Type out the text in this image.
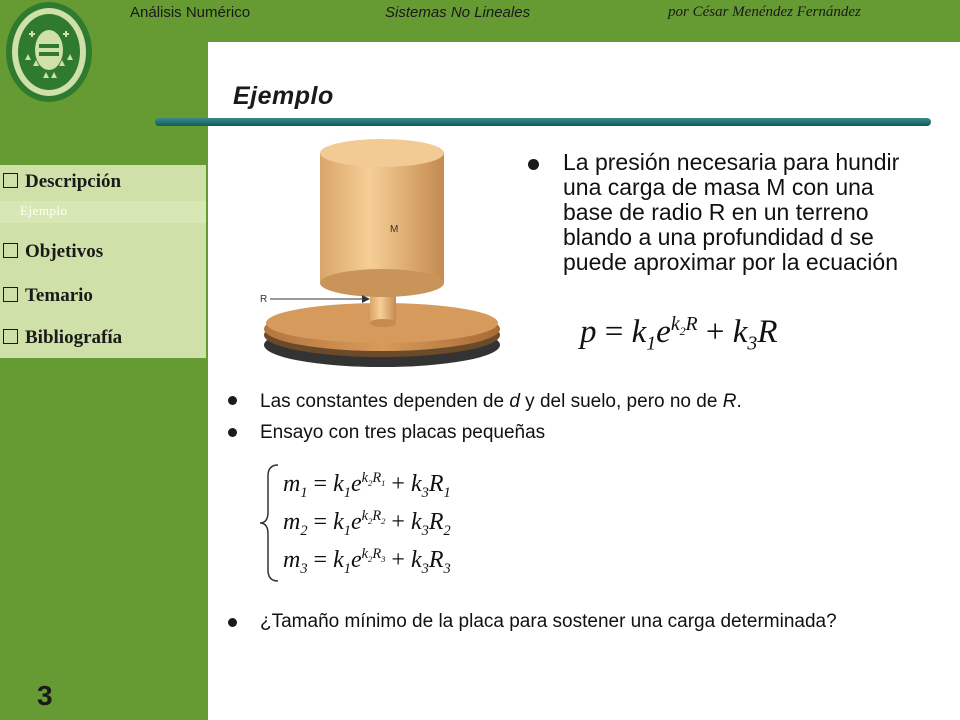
Análisis Numérico	Sistemas No Lineales	por César Menéndez Fernández
Ejemplo
Descripción
Ejemplo
Objetivos
Temario
Bibliografía
3
M
R
La presión necesaria para hundir una carga de masa M con una base de radio R en un terreno blando a una profundidad d se puede aproximar por la ecuación
$p = k_1e^{k_2R} + k_3R$
Las constantes dependen de d y del suelo, pero no de R.
Ensayo con tres placas pequeñas
$m_1 = k_1e^{k_2R_1} + k_3R_1$
$m_2 = k_1e^{k_2R_2} + k_3R_2$
$m_3 = k_1e^{k_2R_3} + k_3R_3$
¿Tamaño mínimo de la placa para sostener una carga determinada?
